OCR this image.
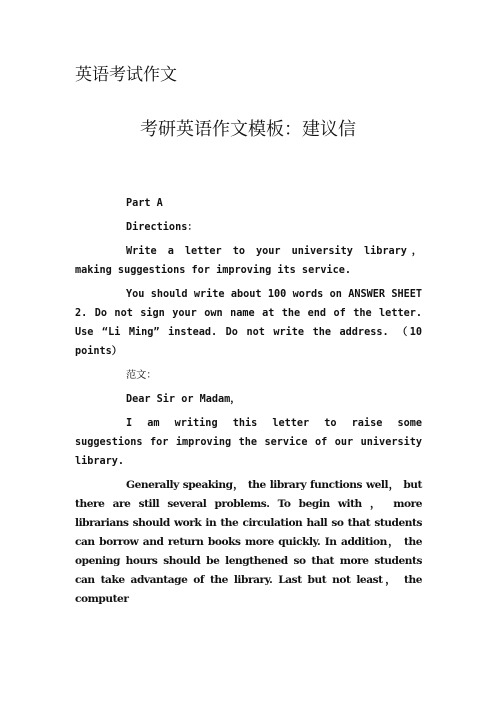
英语考试作文
考研英语作文模板：建议信

Part A

Directions：

Write a letter to your university library， making suggestions for improving its service.

You should write about 100 words on ANSWER SHEET 2. Do not sign your own name at the end of the letter. Use “Li Ming” instead. Do not write the address. （10 points）

范文：

Dear Sir or Madam，

I am writing this letter to raise some suggestions for improving the service of our university library.

Generally speaking， the library functions well， but there are still several problems. To begin with ， more librarians should work in the circulation hall so that students can borrow and return books more quickly. In addition， the opening hours should be lengthened so that more students can take advantage of the library. Last but not least， the computer
